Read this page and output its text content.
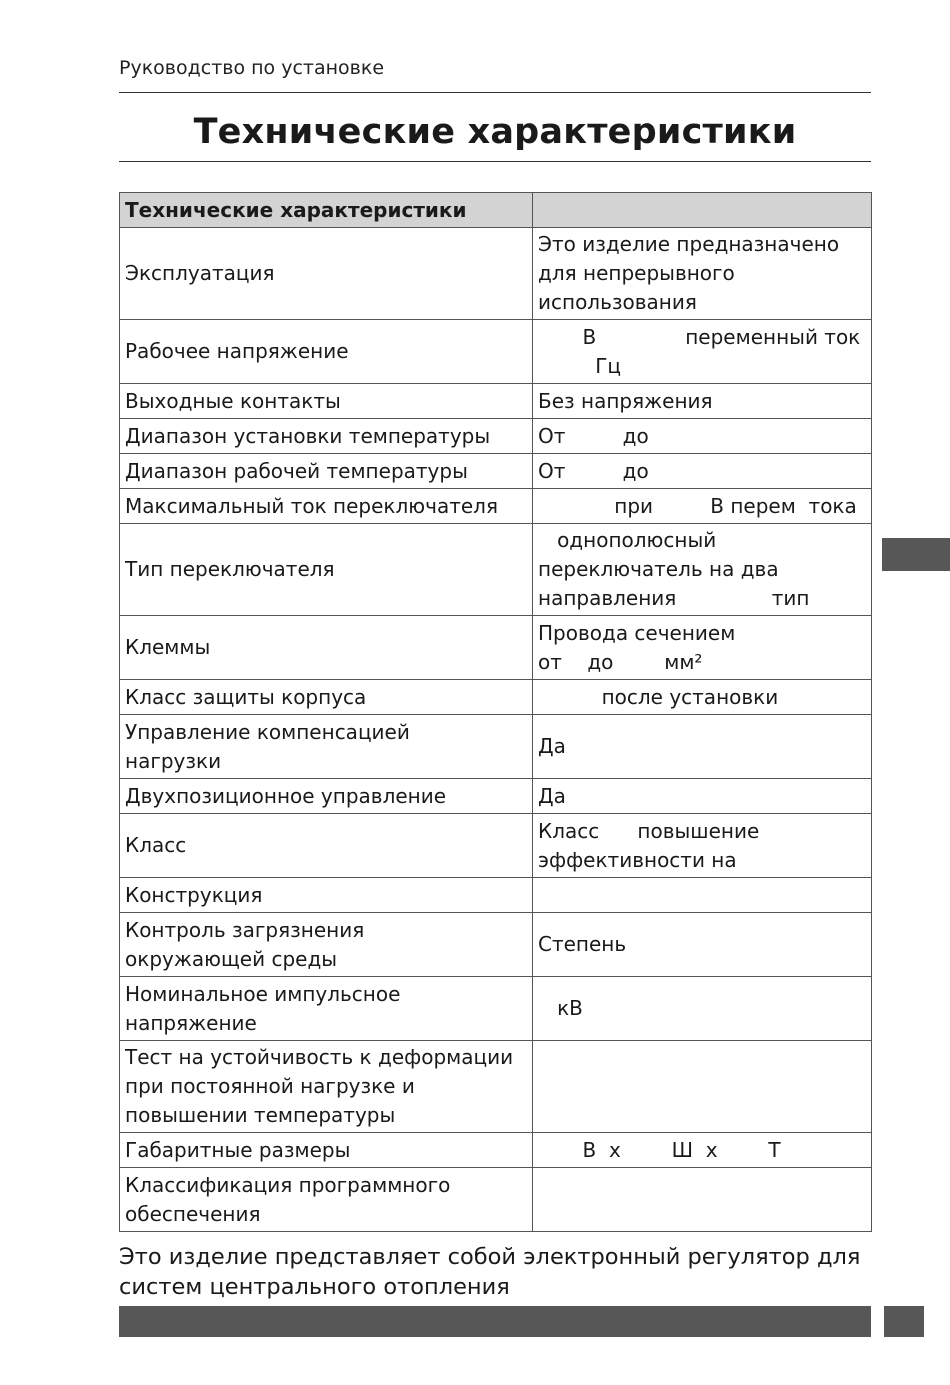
Руководство по установке
Технические характеристики
Технические характеристики	
Эксплуатация	Это изделие предназначено
для непрерывного
использования
Рабочее напряжение	В              переменный ток
Гц
Выходные контакты	Без напряжения
Диапазон установки температуры	От         до
Диапазон рабочей температуры	От         до
Максимальный ток переключателя	при         В перем  тока
Тип переключателя	однополюсный
переключатель на два
направления               тип
Клеммы	Провода сечением
от    до        мм²
Класс защиты корпуса	после установки
Управление компенсацией
нагрузки	Да
Двухпозиционное управление	Да
Класс	Класс      повышение
эффективности на
Конструкция	
Контроль загрязнения
окружающей среды	Степень
Номинальное импульсное
напряжение	кВ
Тест на устойчивость к деформации
при постоянной нагрузке и
повышении температуры	
Габаритные размеры	В  х        Ш  х        Т
Классификация программного
обеспечения	
Это изделие представляет собой электронный регулятор для систем центрального отопления
